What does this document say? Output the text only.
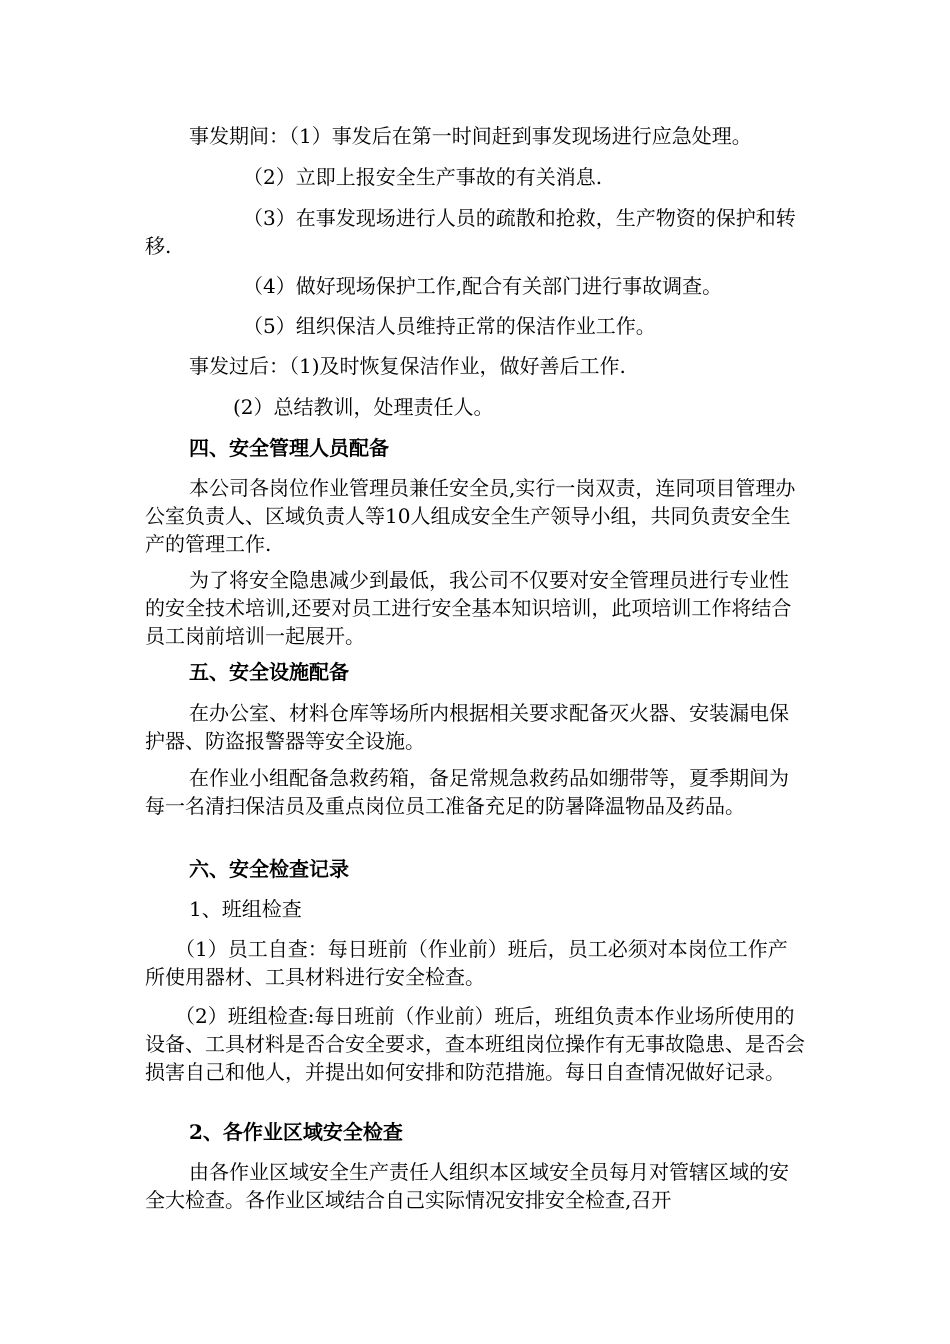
事发期间：（1）事发后在第一时间赶到事发现场进行应急处理。

（2）立即上报安全生产事故的有关消息.

（3）在事发现场进行人员的疏散和抢救，生产物资的保护和转移.

（4）做好现场保护工作,配合有关部门进行事故调查。

（5）组织保洁人员维持正常的保洁作业工作。

事发过后：（1)及时恢复保洁作业，做好善后工作.

(2）总结教训，处理责任人。

四、安全管理人员配备

本公司各岗位作业管理员兼任安全员,实行一岗双责，连同项目管理办公室负责人、区域负责人等10人组成安全生产领导小组，共同负责安全生产的管理工作.

为了将安全隐患减少到最低，我公司不仅要对安全管理员进行专业性的安全技术培训,还要对员工进行安全基本知识培训，此项培训工作将结合员工岗前培训一起展开。

五、安全设施配备

在办公室、材料仓库等场所内根据相关要求配备灭火器、安装漏电保护器、防盗报警器等安全设施。

在作业小组配备急救药箱，备足常规急救药品如绷带等，夏季期间为每一名清扫保洁员及重点岗位员工准备充足的防暑降温物品及药品。

六、安全检查记录

1、班组检查

（1）员工自查：每日班前（作业前）班后，员工必须对本岗位工作产所使用器材、工具材料进行安全检查。

（2）班组检查:每日班前（作业前）班后，班组负责本作业场所使用的设备、工具材料是否合安全要求，查本班组岗位操作有无事故隐患、是否会损害自己和他人，并提出如何安排和防范措施。每日自查情况做好记录。

2、各作业区域安全检查

由各作业区域安全生产责任人组织本区域安全员每月对管辖区域的安全大检查。各作业区域结合自己实际情况安排安全检查,召开
